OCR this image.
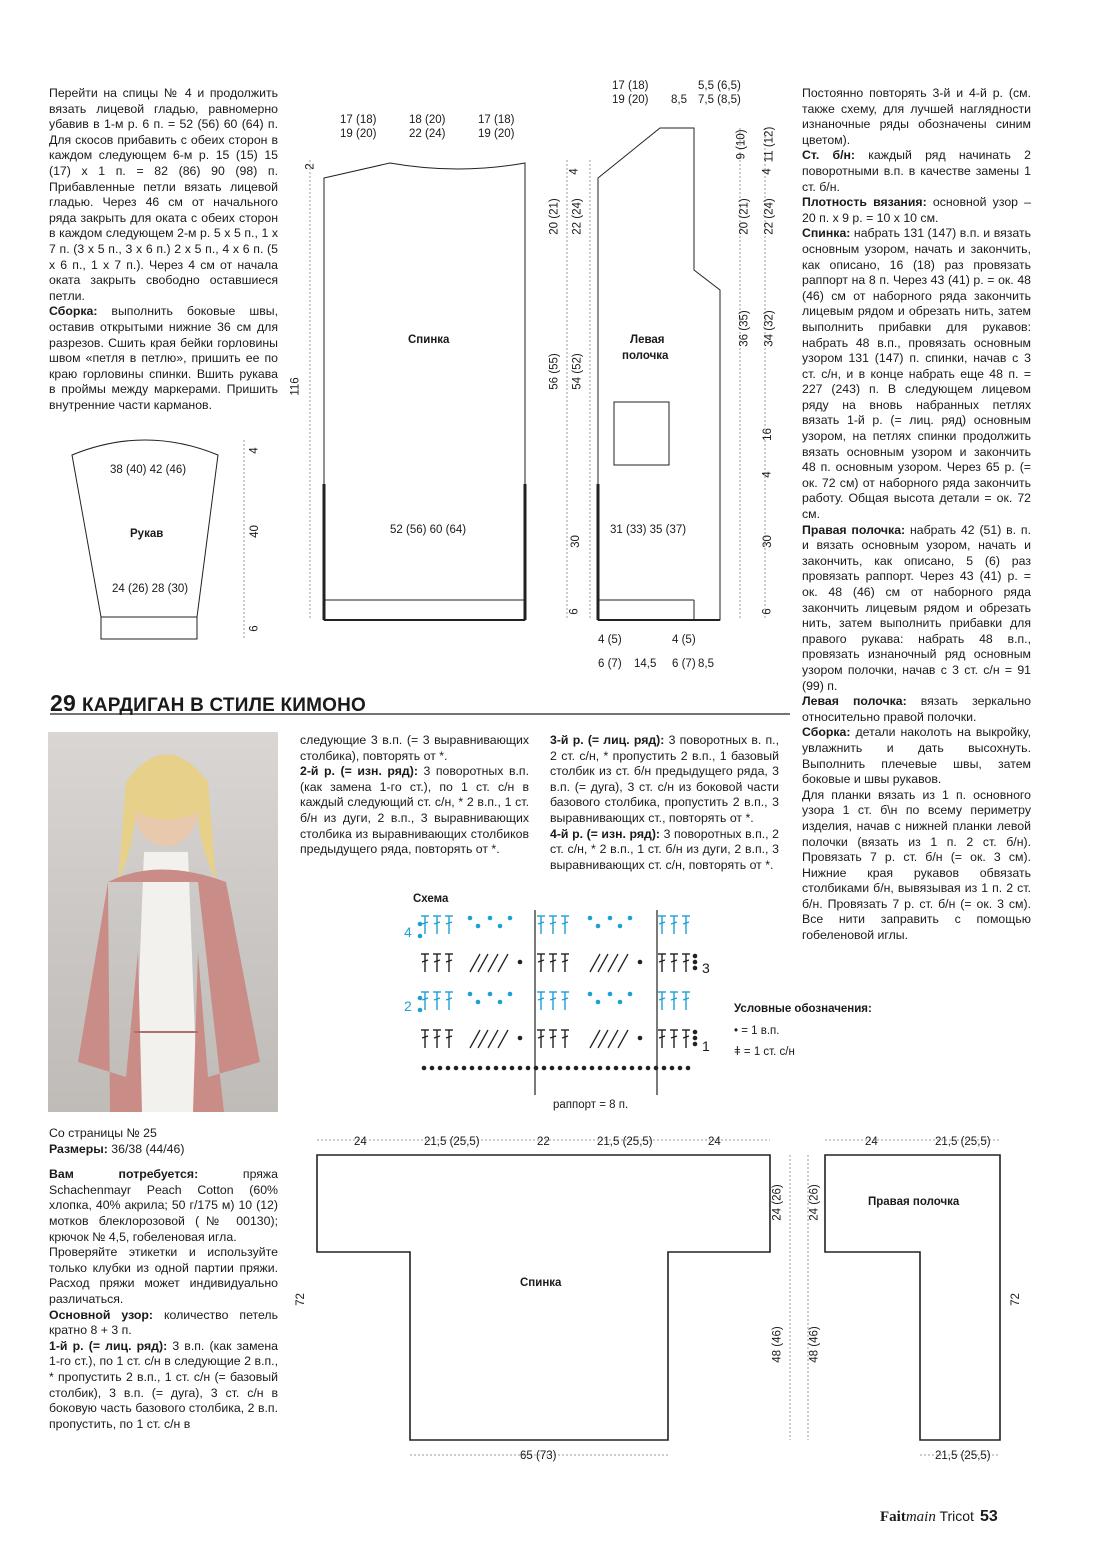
Перейти на спицы № 4 и продолжить вязать лицевой гладью, равномерно убавив в 1-м р. 6 п. = 52 (56) 60 (64) п. Для скосов прибавить с обеих сторон в каждом следующем 6-м р. 15 (15) 15 (17) х 1 п. = 82 (86) 90 (98) п. Прибавленные петли вязать лицевой гладью. Через 46 см от начального ряда закрыть для оката с обеих сторон в каждом следующем 2-м р. 5 х 5 п., 1 х 7 п. (3 х 5 п., 3 х 6 п.) 2 х 5 п., 4 х 6 п. (5 х 6 п., 1 х 7 п.). Через 4 см от начала оката закрыть свободно оставшиеся петли.

Сборка: выполнить боковые швы, оставив открытыми нижние 36 см для разрезов. Сшить края бейки горловины швом «петля в петлю», пришить ее по краю горловины спинки. Вшить рукава в проймы между маркерами. Пришить внутренние части карманов.

Постоянно повторять 3-й и 4-й р. (см. также схему, для лучшей наглядности изнаночные ряды обозначены синим цветом).

Ст. б/н: каждый ряд начинать 2 поворотными в.п. в качестве замены 1 ст. б/н.

Плотность вязания: основной узор – 20 п. х 9 р. = 10 х 10 см.

Спинка: набрать 131 (147) в.п. и вязать основным узором, начать и закончить, как описано, 16 (18) раз провязать раппорт на 8 п. Через 43 (41) р. = ок. 48 (46) см от наборного ряда закончить лицевым рядом и обрезать нить, затем выполнить прибавки для рукавов: набрать 48 в.п., провязать основным узором 131 (147) п. спинки, начав с 3 ст. с/н, и в конце набрать еще 48 п. = 227 (243) п. В следующем лицевом ряду на вновь набранных петлях вязать 1-й р. (= лиц. ряд) основным узором, на петлях спинки продолжить вязать основным узором и закончить 48 п. основным узором. Через 65 р. (= ок. 72 см) от наборного ряда закончить работу. Общая высота детали = ок. 72 см.

Правая полочка: набрать 42 (51) в. п. и вязать основным узором, начать и закончить, как описано, 5 (6) раз провязать раппорт. Через 43 (41) р. = ок. 48 (46) см от наборного ряда закончить лицевым рядом и обрезать нить, затем выполнить прибавки для правого рукава: набрать 48 в.п., провязать изнаночный ряд основным узором полочки, начав с 3 ст. с/н = 91 (99) п.

Левая полочка: вязать зеркально относительно правой полочки.

Сборка: детали наколоть на выкройку, увлажнить и дать высохнуть. Выполнить плечевые швы, затем боковые и швы рукавов.

Для планки вязать из 1 п. основного узора 1 ст. б\н по всему периметру изделия, начав с нижней планки левой полочки (вязать из 1 п. 2 ст. б/н). Провязать 7 р. ст. б/н (= ок. 3 см). Нижние края рукавов обвязать столбиками б/н, вывязывая из 1 п. 2 ст. б/н. Провязать 7 р. ст. б/н (= ок. 3 см). Все нити заправить с помощью гобеленовой иглы.

следующие 3 в.п. (= 3 выравнивающих столбика), повторять от *.

2-й р. (= изн. ряд): 3 поворотных в.п. (как замена 1-го ст.), по 1 ст. с/н в каждый следующий ст. с/н, * 2 в.п., 1 ст. б/н из дуги, 2 в.п., 3 выравнивающих столбика из выравнивающих столбиков предыдущего ряда, повторять от *.

3-й р. (= лиц. ряд): 3 поворотных в. п., 2 ст. с/н, * пропустить 2 в.п., 1 базовый столбик из ст. б/н предыдущего ряда, 3 в.п. (= дуга), 3 ст. с/н из боковой части базового столбика, пропустить 2 в.п., 3 выравнивающих ст., повторять от *.

4-й р. (= изн. ряд): 3 поворотных в.п., 2 ст. с/н, * 2 в.п., 1 ст. б/н из дуги, 2 в.п., 3 выравнивающих ст. с/н, повторять от *.

Со страницы № 25

Размеры: 36/38 (44/46)

Вам потребуется: пряжа Schachenmayr Peach Cotton (60% хлопка, 40% акрила; 50 г/175 м) 10 (12) мотков блеклорозовой (№ 00130); крючок № 4,5, гобеленовая игла.

Проверяйте этикетки и используйте только клубки из одной партии пряжи. Расход пряжи может индивидуально различаться.

Основной узор: количество петель кратно 8 + 3 п.

1-й р. (= лиц. ряд): 3 в.п. (как замена 1-го ст.), по 1 ст. с/н в следующие 2 в.п., * пропустить 2 в.п., 1 ст. с/н (= базовый столбик), 3 в.п. (= дуга), 3 ст. с/н в боковую часть базового столбика, 2 в.п. пропустить, по 1 ст. с/н в

29 КАРДИГАН В СТИЛЕ КИМОНО
Рукав
38 (40) 42 (46)
24 (26) 28 (30)
4
40
6
Спинка
52 (56) 60 (64)
17 (18)
19 (20)
18 (20)
22 (24)
17 (18)
19 (20)
2
116
4
20 (21) 22 (24)
56 (55) 54 (52)
30
6
Левая
полочка
31 (33) 35 (37)
17 (18)
19 (20) 8,5
5,5 (6,5)
7,5 (8,5)
9 (10) 11 (12)
4
20 (21) 22 (24)
36 (35) 34 (32)
16
4
30
6
4 (5)	4 (5)
6 (7) 14,5 6 (7) 8,5
Схема
4
3
2
1
раппорт = 8 п.
Условные обозначения:
• = 1 в.п.
ǂ = 1 ст. с/н
Спинка
24	21,5 (25,5)	22	21,5 (25,5)	24
72
24 (26)
48 (46)
65 (73)
Правая полочка
24	21,5 (25,5)
24 (26)
48 (46)
72
21,5 (25,5)
Faitmain Tricot 53
